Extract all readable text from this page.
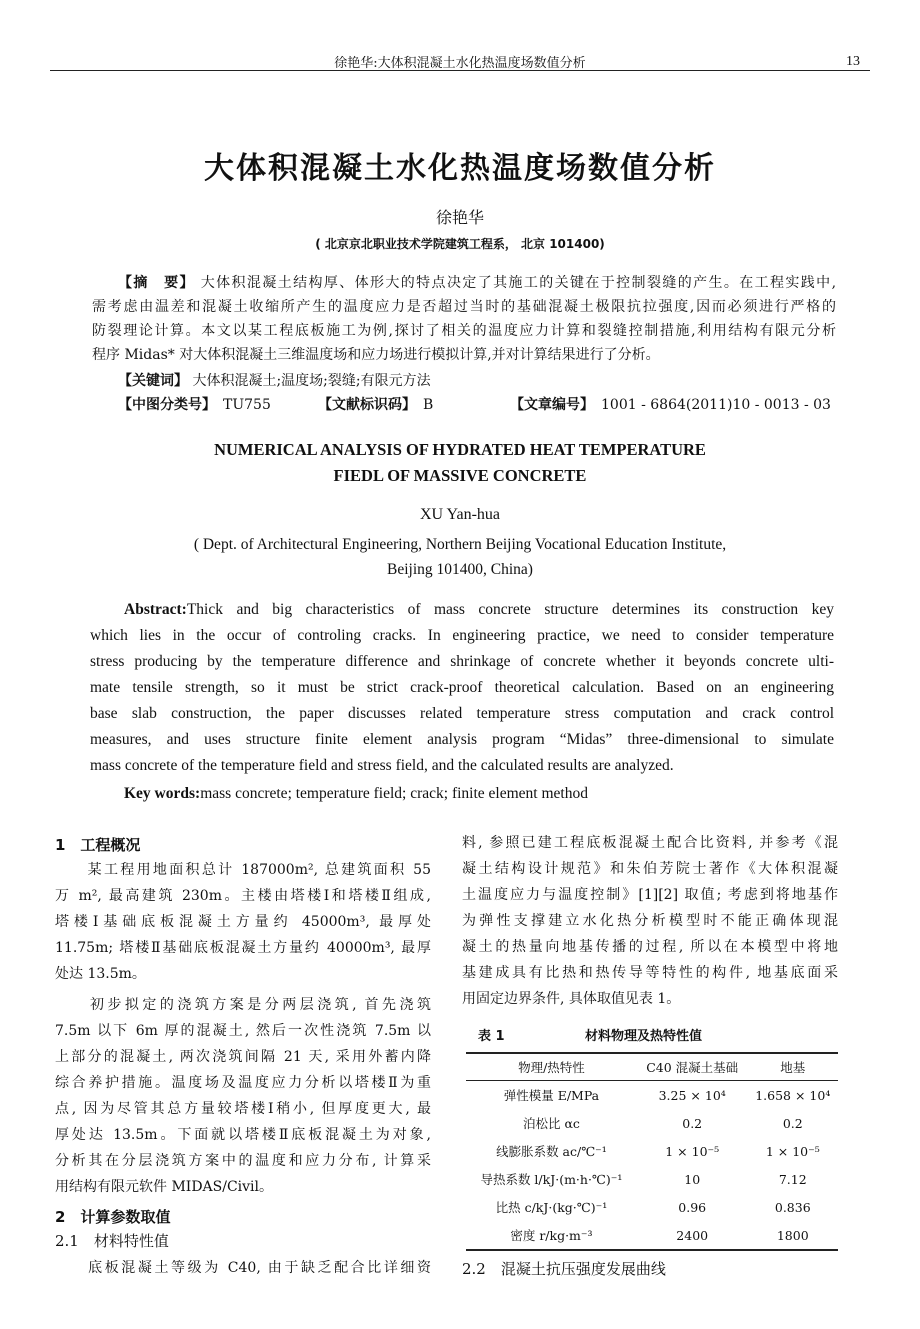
徐艳华:大体积混凝土水化热温度场数值分析	13
大体积混凝土水化热温度场数值分析
徐艳华
( 北京京北职业技术学院建筑工程系， 北京 101400)
【摘　要】 大体积混凝土结构厚、体形大的特点决定了其施工的关键在于控制裂缝的产生。在工程实践中,
需考虑由温差和混凝土收缩所产生的温度应力是否超过当时的基础混凝土极限抗拉强度,因而必须进行严格的
防裂理论计算。本文以某工程底板施工为例,探讨了相关的温度应力计算和裂缝控制措施,利用结构有限元分析
程序 Midas* 对大体积混凝土三维温度场和应力场进行模拟计算,并对计算结果进行了分析。
【关键词】 大体积混凝土;温度场;裂缝;有限元方法
【中图分类号】　 TU755	【文献标识码】　 B	【文章编号】　 1001 - 6864(2011)10 - 0013 - 03
NUMERICAL ANALYSIS OF HYDRATED HEAT TEMPERATURE
FIEDL OF MASSIVE CONCRETE
XU Yan-hua
( Dept. of Architectural Engineering, Northern Beijing Vocational Education Institute,
Beijing 101400, China)
Abstract:Thick and big characteristics of mass concrete structure determines its construction key
which lies in the occur of controling cracks. In engineering practice, we need to consider temperature
stress producing by the temperature difference and shrinkage of concrete whether it beyonds concrete ulti-
mate tensile strength, so it must be strict crack-proof theoretical calculation. Based on an engineering
base slab construction, the paper discusses related temperature stress computation and crack control
measures, and uses structure finite element analysis program “Midas” three-dimensional to simulate
mass concrete of the temperature field and stress field, and the calculated results are analyzed.
Key words:mass concrete; temperature field; crack; finite element method
1　工程概况
　　某工程用地面积总计 187000m², 总建筑面积 55
万 m², 最高建筑 230m。主楼由塔楼Ⅰ和塔楼Ⅱ组成,
塔楼Ⅰ基础底板混凝土方量约 45000m³, 最厚处
11.75m; 塔楼Ⅱ基础底板混凝土方量约 40000m³, 最厚
处达 13.5m。
　　初步拟定的浇筑方案是分两层浇筑, 首先浇筑
7.5m 以下 6m 厚的混凝土, 然后一次性浇筑 7.5m 以
上部分的混凝土, 两次浇筑间隔 21 天, 采用外蓄内降
综合养护措施。温度场及温度应力分析以塔楼Ⅱ为重
点, 因为尽管其总方量较塔楼Ⅰ稍小, 但厚度更大, 最
厚处达 13.5m。下面就以塔楼Ⅱ底板混凝土为对象,
分析其在分层浇筑方案中的温度和应力分布, 计算采
用结构有限元软件 MIDAS/Civil。
2　计算参数取值
2.1　材料特性值
　　底板混凝土等级为 C40, 由于缺乏配合比详细资
料, 参照已建工程底板混凝土配合比资料, 并参考《混
凝土结构设计规范》和朱伯芳院士著作《大体积混凝
土温度应力与温度控制》[1][2] 取值; 考虑到将地基作
为弹性支撑建立水化热分析模型时不能正确体现混
凝土的热量向地基传播的过程, 所以在本模型中将地
基建成具有比热和热传导等特性的构件, 地基底面采
用固定边界条件, 具体取值见表 1。
表 1	材料物理及热特性值
物理/热特性	C40 混凝土基础	地基
弹性模量 E/MPa	3.25 × 10⁴	1.658 × 10⁴
泊松比 αc	0.2	0.2
线膨胀系数 ac/℃⁻¹	1 × 10⁻⁵	1 × 10⁻⁵
导热系数 l/kJ·(m·h·℃)⁻¹	10	7.12
比热 c/kJ·(kg·℃)⁻¹	0.96	0.836
密度 r/kg·m⁻³	2400	1800
2.2　混凝土抗压强度发展曲线
